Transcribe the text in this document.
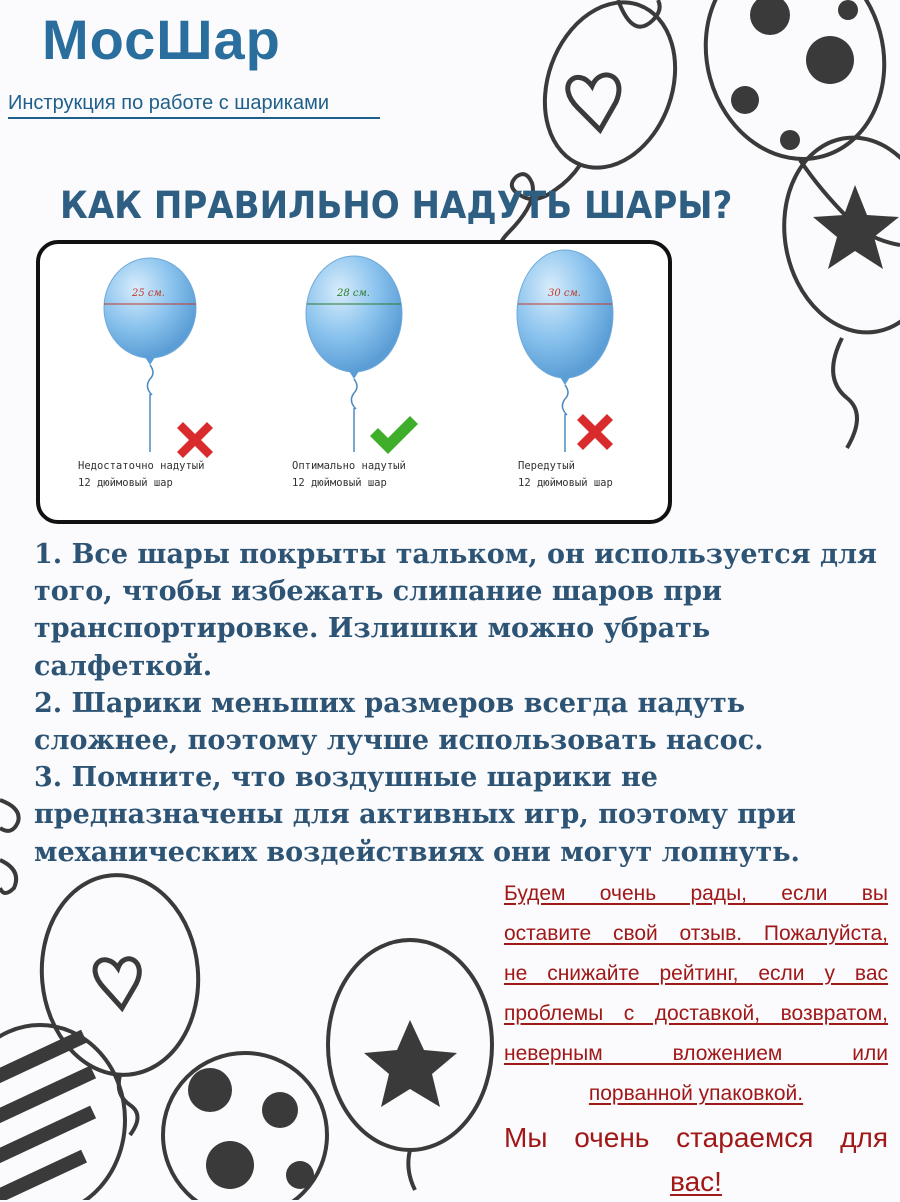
МосШар
Инструкция по работе с шариками
КАК ПРАВИЛЬНО НАДУТЬ ШАРЫ?
25 см.	28 см.	30 см.
Недостаточно надутый
12 дюймовый шар
Оптимально надутый
12 дюймовый шар
Передутый
12 дюймовый шар

1. Все шары покрыты тальком, он используется для того, чтобы избежать слипание шаров при транспортировке. Излишки можно убрать салфеткой.

2. Шарики меньших размеров всегда надуть сложнее, поэтому лучше использовать насос.

3. Помните, что воздушные шарики не предназначены для активных игр, поэтому при механических воздействиях они могут лопнуть.

Будем очень рады, если вы
оставите свой отзыв. Пожалуйста,
не снижайте рейтинг, если у вас
проблемы с доставкой, возвратом,
неверным вложением или
порванной упаковкой.
Мы очень стараемся для
вас!
